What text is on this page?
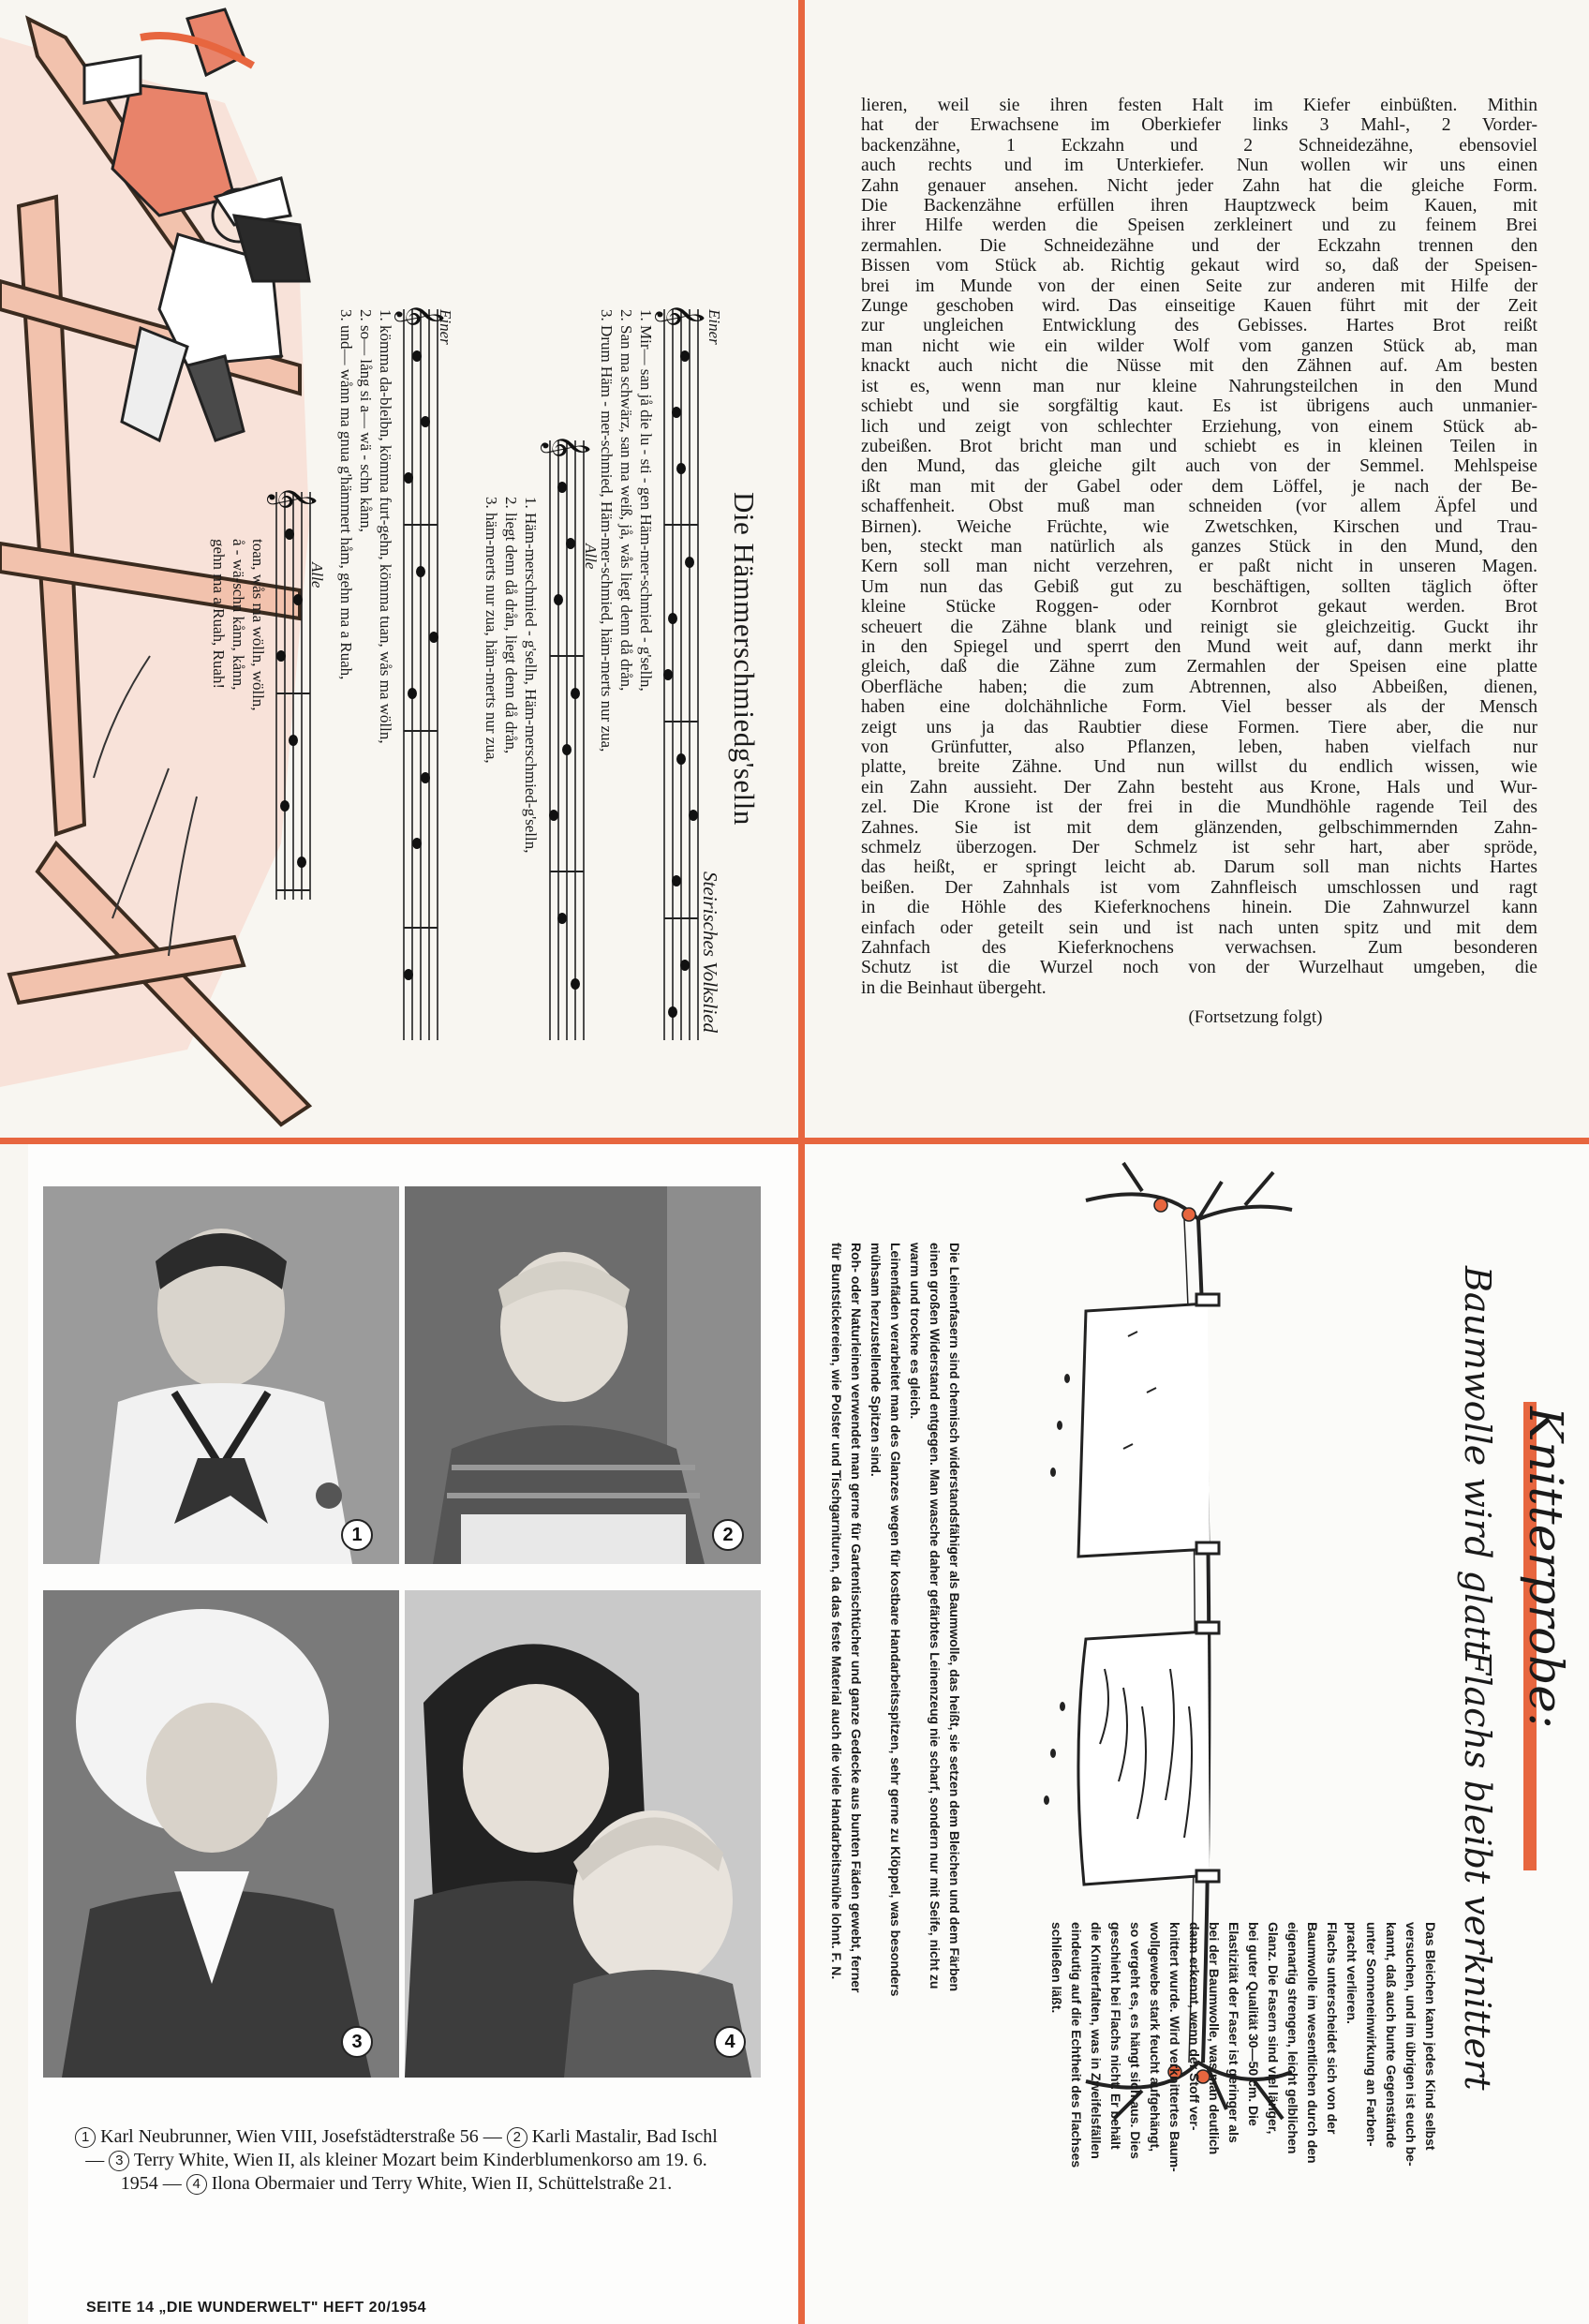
𝄞
𝄞
𝄞
𝄞	Die Hämmerschmiedg'selln
Steirisches Volkslied
Einer
1. Mir— san jå die lu - sti - gen Häm-mer-schmied - g'selln,
2. San ma schwärz, san ma weiß, jå, wås liegt denn då drån,
3. Drum Häm - mer-schmied, Häm-mer-schmied, häm-merts nur zua,
Alle
1. Häm-merschmied - g'selln, Häm-merschmied-g'selln,
2. liegt denn då drån, liegt denn då drån,
3. häm-merts nur zua, häm-merts nur zua,
Einer
1. kömma da-bleibn, kömma furt-gehn, kömma tuan, wås ma wölln,
2. so— lång si a— wä - schn kånn,
3. und— wånn ma gnua g'hämmert håm, gehn ma a Ruah,
Alle
toan, wås ma wölln, wölln,
å - wä-schn kånn, kånn,
gehn ma a Ruah, Ruah!
lieren, weil sie ihren festen Halt im Kiefer einbüßten. Mithin
hat der Erwachsene im Oberkiefer links 3 Mahl-, 2 Vorder-
backenzähne, 1 Eckzahn und 2 Schneidezähne, ebensoviel
auch rechts und im Unterkiefer. Nun wollen wir uns einen
Zahn genauer ansehen. Nicht jeder Zahn hat die gleiche Form.
Die Backenzähne erfüllen ihren Hauptzweck beim Kauen, mit
ihrer Hilfe werden die Speisen zerkleinert und zu feinem Brei
zermahlen. Die Schneidezähne und der Eckzahn trennen den
Bissen vom Stück ab. Richtig gekaut wird so, daß der Speisen-
brei im Munde von der einen Seite zur anderen mit Hilfe der
Zunge geschoben wird. Das einseitige Kauen führt mit der Zeit
zur ungleichen Entwicklung des Gebisses. Hartes Brot reißt
man nicht wie ein wilder Wolf vom ganzen Stück ab, man
knackt auch nicht die Nüsse mit den Zähnen auf. Am besten
ist es, wenn man nur kleine Nahrungsteilchen in den Mund
schiebt und sie sorgfältig kaut. Es ist übrigens auch unmanier-
lich und zeigt von schlechter Erziehung, von einem Stück ab-
zubeißen. Brot bricht man und schiebt es in kleinen Teilen in
den Mund, das gleiche gilt auch von der Semmel. Mehlspeise
ißt man mit der Gabel oder dem Löffel, je nach der Be-
schaffenheit. Obst muß man schneiden (vor allem Äpfel und
Birnen). Weiche Früchte, wie Zwetschken, Kirschen und Trau-
ben, steckt man natürlich als ganzes Stück in den Mund, den
Kern soll man nicht verzehren, er paßt nicht in unseren Magen.
Um nun das Gebiß gut zu beschäftigen, sollten täglich öfter
kleine Stücke Roggen- oder Kornbrot gekaut werden. Brot
scheuert die Zähne blank und reinigt sie gleichzeitig. Guckt ihr
in den Spiegel und sperrt den Mund weit auf, dann merkt ihr
gleich, daß die Zähne zum Zermahlen der Speisen eine platte
Oberfläche haben; die zum Abtrennen, also Abbeißen, dienen,
haben eine dolchähnliche Form. Viel besser als der Mensch
zeigt uns ja das Raubtier diese Formen. Tiere aber, die nur
von Grünfutter, also Pflanzen, leben, haben vielfach nur
platte, breite Zähne. Und nun willst du endlich wissen, wie
ein Zahn aussieht. Der Zahn besteht aus Krone, Hals und Wur-
zel. Die Krone ist der frei in die Mundhöhle ragende Teil des
Zahnes. Sie ist mit dem glänzenden, gelbschimmernden Zahn-
schmelz überzogen. Der Schmelz ist sehr hart, aber spröde,
das heißt, er springt leicht ab. Darum soll man nichts Hartes
beißen. Der Zahnhals ist vom Zahnfleisch umschlossen und ragt
in die Höhle des Kieferknochens hinein. Die Zahnwurzel kann
einfach oder geteilt sein und ist nach unten spitz und mit dem
Zahnfach des Kieferknochens verwachsen. Zum besonderen
Schutz ist die Wurzel noch von der Wurzelhaut umgeben, die
in die Beinhaut übergeht.
(Fortsetzung folgt)
1	2
3	4
1 Karl Neubrunner, Wien VIII, Josefstädterstraße 56 — 2 Karli Mastalir, Bad Ischl — 3 Terry White, Wien II, als kleiner Mozart beim Kinderblumenkorso am 19. 6. 1954 — 4 Ilona Obermaier und Terry White, Wien II, Schüttelstraße 21.
SEITE 14 „DIE WUNDERWELT" HEFT 20/1954
Knitterprobe:
Baumwolle wird glatt
Flachs bleibt verknittert
Die Leinenfasern sind chemisch widerstandsfähiger als Baumwolle, das heißt, sie setzen dem Bleichen und dem Färben
einen großen Widerstand entgegen. Man wasche daher gefärbtes Leinenzeug nie scharf, sondern nur mit Seife, nicht zu
warm und trockne es gleich.
Leinenfäden verarbeitet man des Glanzes wegen für kostbare Handarbeitsspitzen, sehr gerne zu Klöppel, was besonders
mühsam herzustellende Spitzen sind.
Roh- oder Naturleinen verwendet man gerne für Gartentischtücher und ganze Gedecke aus bunten Fäden gewebt, ferner
für Buntstickereien, wie Polster und Tischgarnituren, da das feste Material auch die viele Handarbeitsmühe lohnt. F. N.
Das Bleichen kann jedes Kind selbst
versuchen, und im übrigen ist euch be-
kannt, daß auch bunte Gegenstände
unter Sonneneinwirkung an Farben-
pracht verlieren.
Flachs unterscheidet sich von der
Baumwolle im wesentlichen durch den
eigenartig strengen, leicht gelblichen
Glanz. Die Fasern sind viel länger,
bei guter Qualität 30—50 cm. Die
Elastizität der Faser ist geringer als
bei der Baumwolle, was man deutlich
dann erkennt, wenn der Stoff ver-
knittert wurde. Wird verknittertes Baum-
wollgewebe stark feucht aufgehängt,
so vergeht es, es hängt sich aus. Dies
geschieht bei Flachs nicht. Er behält
die Knitterfalten, was in Zweifelsfällen
eindeutig auf die Echtheit des Flachses
schließen läßt.
